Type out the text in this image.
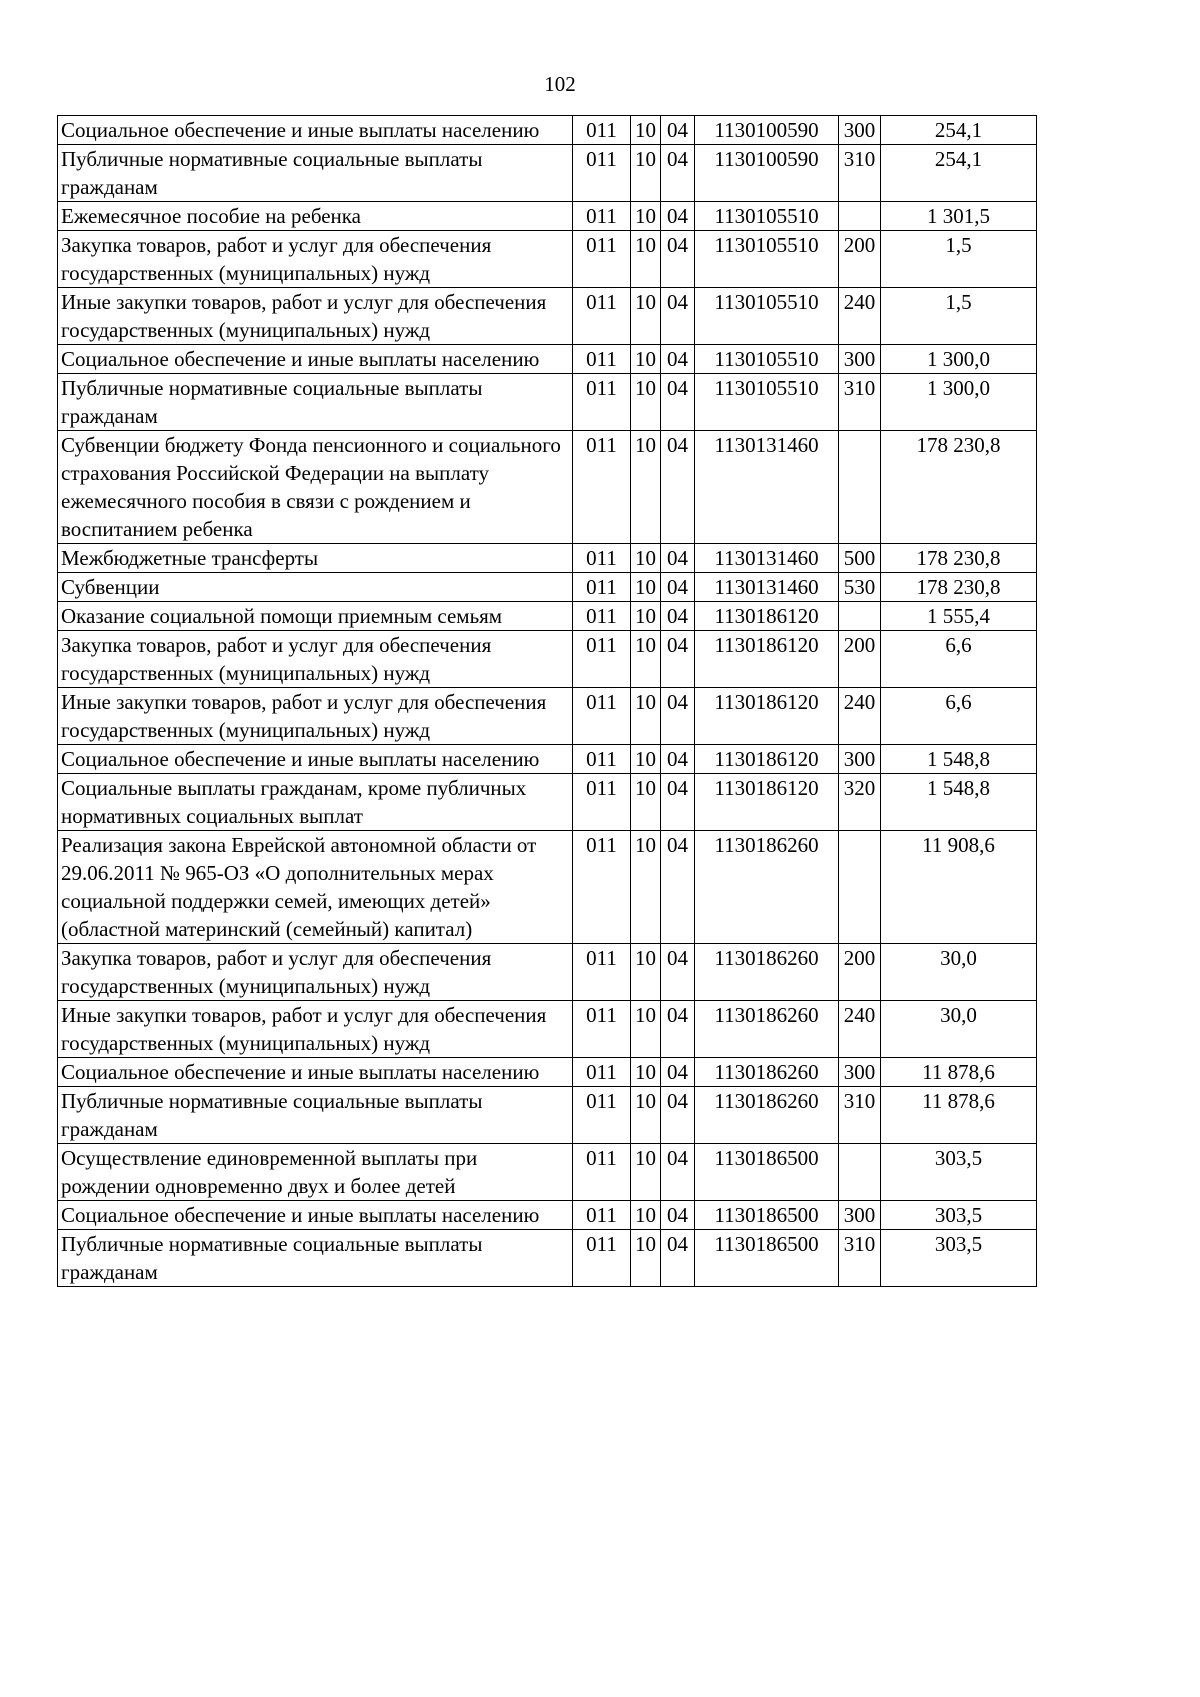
102
Социальное обеспечение и иные выплаты населению	011	10	04	1130100590	300	254,1
Публичные нормативные социальные выплаты гражданам	011	10	04	1130100590	310	254,1
Ежемесячное пособие на ребенка	011	10	04	1130105510		1 301,5
Закупка товаров, работ и услуг для обеспечения государственных (муниципальных) нужд	011	10	04	1130105510	200	1,5
Иные закупки товаров, работ и услуг для обеспечения государственных (муниципальных) нужд	011	10	04	1130105510	240	1,5
Социальное обеспечение и иные выплаты населению	011	10	04	1130105510	300	1 300,0
Публичные нормативные социальные выплаты гражданам	011	10	04	1130105510	310	1 300,0
Субвенции бюджету Фонда пенсионного и социального страхования Российской Федерации на выплату ежемесячного пособия в связи с рождением и воспитанием ребенка	011	10	04	1130131460		178 230,8
Межбюджетные трансферты	011	10	04	1130131460	500	178 230,8
Субвенции	011	10	04	1130131460	530	178 230,8
Оказание социальной помощи приемным семьям	011	10	04	1130186120		1 555,4
Закупка товаров, работ и услуг для обеспечения государственных (муниципальных) нужд	011	10	04	1130186120	200	6,6
Иные закупки товаров, работ и услуг для обеспечения государственных (муниципальных) нужд	011	10	04	1130186120	240	6,6
Социальное обеспечение и иные выплаты населению	011	10	04	1130186120	300	1 548,8
Социальные выплаты гражданам, кроме публичных нормативных социальных выплат	011	10	04	1130186120	320	1 548,8
Реализация закона Еврейской автономной области от 29.06.2011 № 965-ОЗ «О дополнительных мерах социальной поддержки семей, имеющих детей» (областной материнский (семейный) капитал)	011	10	04	1130186260		11 908,6
Закупка товаров, работ и услуг для обеспечения государственных (муниципальных) нужд	011	10	04	1130186260	200	30,0
Иные закупки товаров, работ и услуг для обеспечения государственных (муниципальных) нужд	011	10	04	1130186260	240	30,0
Социальное обеспечение и иные выплаты населению	011	10	04	1130186260	300	11 878,6
Публичные нормативные социальные выплаты гражданам	011	10	04	1130186260	310	11 878,6
Осуществление единовременной выплаты при рождении одновременно двух и более детей	011	10	04	1130186500		303,5
Социальное обеспечение и иные выплаты населению	011	10	04	1130186500	300	303,5
Публичные нормативные социальные выплаты гражданам	011	10	04	1130186500	310	303,5
